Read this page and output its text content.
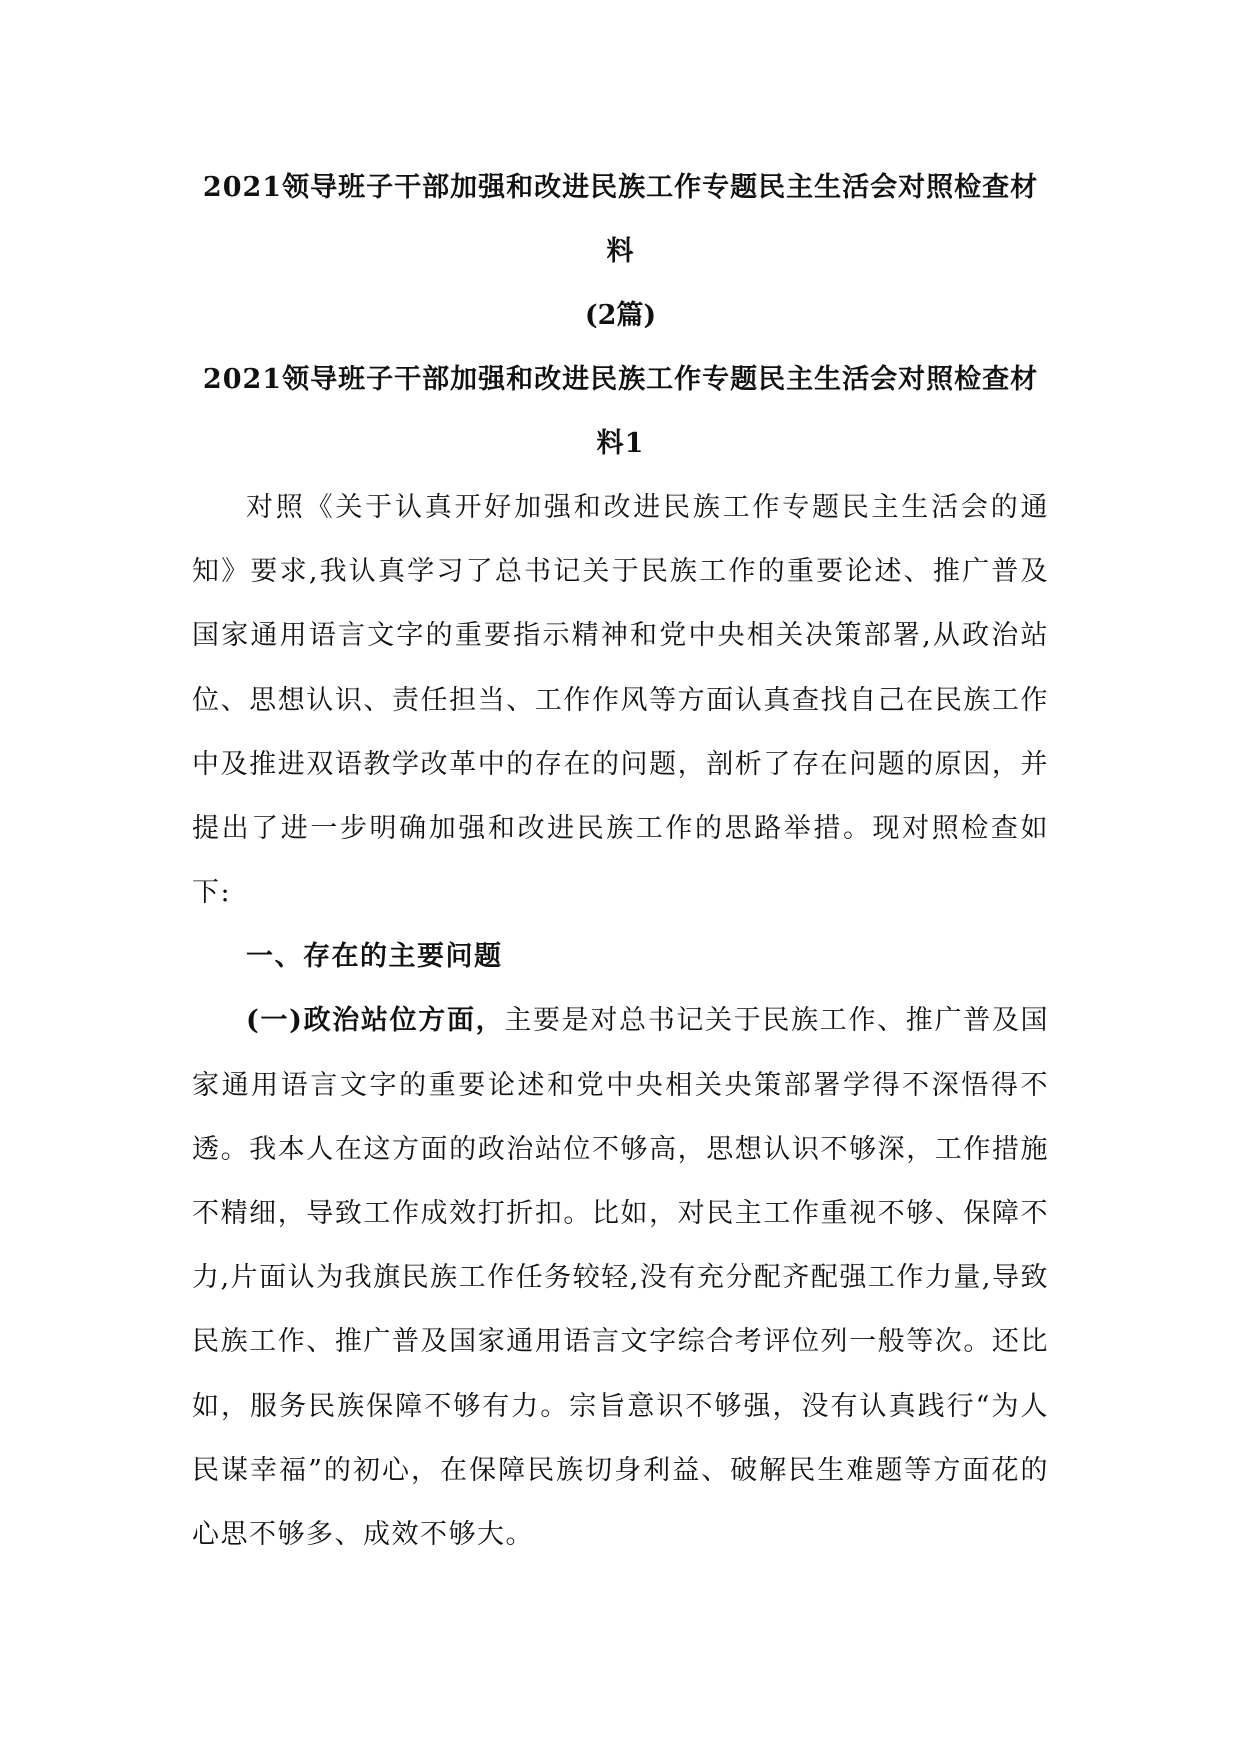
2021领导班子干部加强和改进民族工作专题民主生活会对照检查材料

(2篇)

2021领导班子干部加强和改进民族工作专题民主生活会对照检查材料1

对照《关于认真开好加强和改进民族工作专题民主生活会的通知》要求,我认真学习了总书记关于民族工作的重要论述、推广普及国家通用语言文字的重要指示精神和党中央相关决策部署,从政治站位、思想认识、责任担当、工作作风等方面认真查找自己在民族工作中及推进双语教学改革中的存在的问题，剖析了存在问题的原因，并提出了进一步明确加强和改进民族工作的思路举措。现对照检查如下:

一、存在的主要问题

(一)政治站位方面，主要是对总书记关于民族工作、推广普及国家通用语言文字的重要论述和党中央相关央策部署学得不深悟得不透。我本人在这方面的政治站位不够高，思想认识不够深，工作措施不精细，导致工作成效打折扣。比如，对民主工作重视不够、保障不力,片面认为我旗民族工作任务较轻,没有充分配齐配强工作力量,导致民族工作、推广普及国家通用语言文字综合考评位列一般等次。还比如，服务民族保障不够有力。宗旨意识不够强，没有认真践行“为人民谋幸福”的初心，在保障民族切身利益、破解民生难题等方面花的心思不够多、成效不够大。
